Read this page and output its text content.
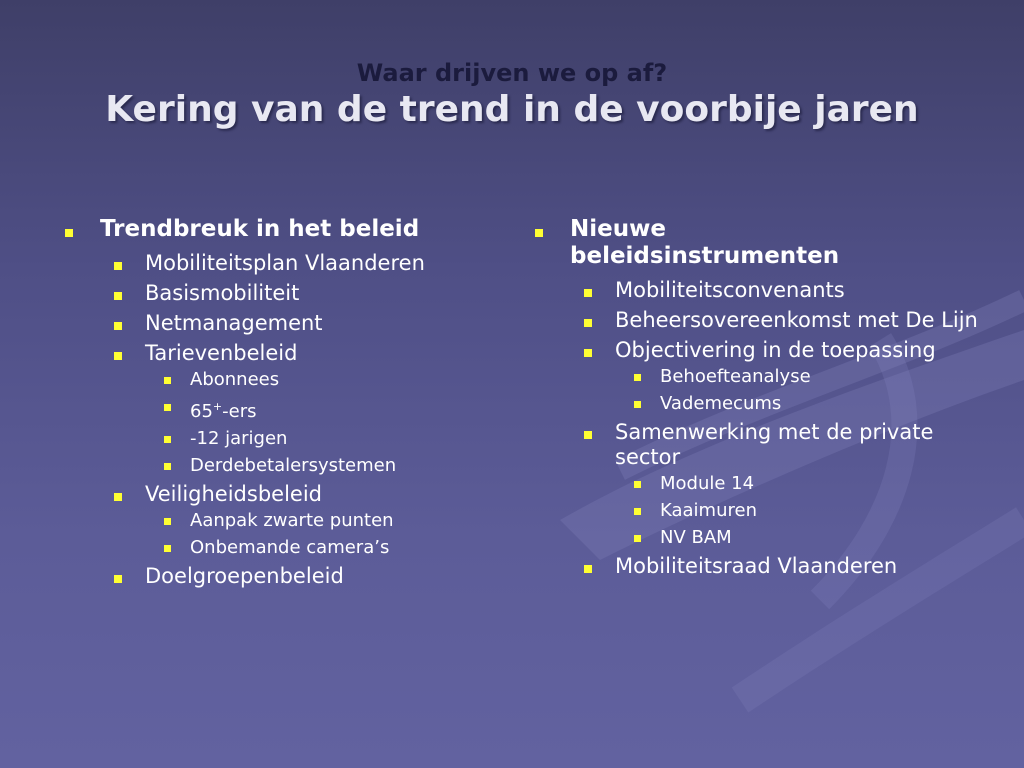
Waar drijven we op af?
Kering van de trend in de voorbije jaren
Trendbreuk in het beleid
Mobiliteitsplan Vlaanderen
Basismobiliteit
Netmanagement
Tarievenbeleid
Abonnees
65+-ers
-12 jarigen
Derdebetalersystemen
Veiligheidsbeleid
Aanpak zwarte punten
Onbemande camera’s
Doelgroepenbeleid
Nieuwe
beleidsinstrumenten
Mobiliteitsconvenants
Beheersovereenkomst met De Lijn
Objectivering in de toepassing
Behoefteanalyse
Vademecums
Samenwerking met de private sector
Module 14
Kaaimuren
NV BAM
Mobiliteitsraad Vlaanderen
